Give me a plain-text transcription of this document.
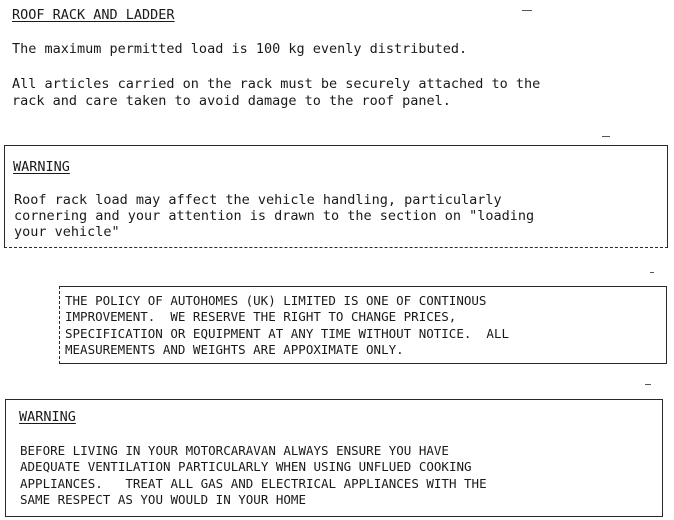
ROOF RACK AND LADDER

The maximum permitted load is 100 kg evenly distributed.

All articles carried on the rack must be securely attached to the
rack and care taken to avoid damage to the roof panel.

WARNING

Roof rack load may affect the vehicle handling, particularly
cornering and your attention is drawn to the section on "loading
your vehicle"

THE POLICY OF AUTOHOMES (UK) LIMITED IS ONE OF CONTINOUS
IMPROVEMENT.  WE RESERVE THE RIGHT TO CHANGE PRICES,
SPECIFICATION OR EQUIPMENT AT ANY TIME WITHOUT NOTICE.  ALL
MEASUREMENTS AND WEIGHTS ARE APPOXIMATE ONLY.

WARNING

BEFORE LIVING IN YOUR MOTORCARAVAN ALWAYS ENSURE YOU HAVE
ADEQUATE VENTILATION PARTICULARLY WHEN USING UNFLUED COOKING
APPLIANCES.   TREAT ALL GAS AND ELECTRICAL APPLIANCES WITH THE
SAME RESPECT AS YOU WOULD IN YOUR HOME
